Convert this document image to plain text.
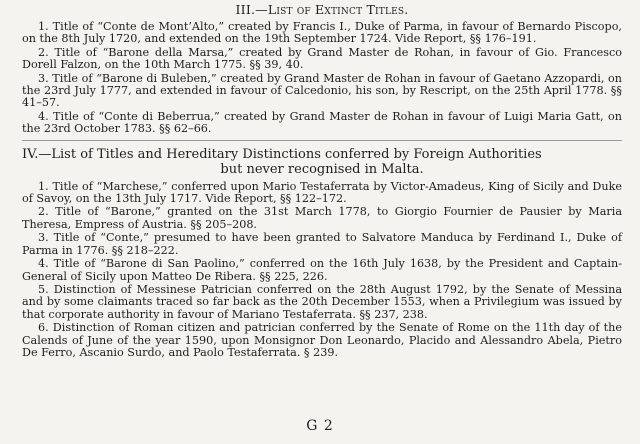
III.—List of Extinct Titles.

1. Title of “Conte de Mont’Alto,” created by Francis I., Duke of Parma, in favour of Bernardo Piscopo, on the 8th July 1720, and extended on the 19th September 1724. Vide Report, §§ 176–191.

2. Title of “Barone della Marsa,” created by Grand Master de Rohan, in favour of Gio. Francesco Dorell Falzon, on the 10th March 1775. §§ 39, 40.

3. Title of “Barone di Buleben,” created by Grand Master de Rohan in favour of Gaetano Azzopardi, on the 23rd July 1777, and extended in favour of Calcedonio, his son, by Rescript, on the 25th April 1778. §§ 41–57.

4. Title of “Conte di Beberrua,” created by Grand Master de Rohan in favour of Luigi Maria Gatt, on the 23rd October 1783. §§ 62–66.

IV.—List of Titles and Hereditary Distinctions conferred by Foreign Authorities
but never recognised in Malta.

1. Title of “Marchese,” conferred upon Mario Testaferrata by Victor-Amadeus, King of Sicily and Duke of Savoy, on the 13th July 1717. Vide Report, §§ 122–172.

2. Title of “Barone,” granted on the 31st March 1778, to Giorgio Fournier de Pausier by Maria Theresa, Empress of Austria. §§ 205–208.

3. Title of “Conte,” presumed to have been granted to Salvatore Manduca by Ferdinand I., Duke of Parma in 1776. §§ 218–222.

4. Title of “Barone di San Paolino,” conferred on the 16th July 1638, by the President and Captain-General of Sicily upon Matteo De Ribera. §§ 225, 226.

5. Distinction of Messinese Patrician conferred on the 28th August 1792, by the Senate of Messina and by some claimants traced so far back as the 20th December 1553, when a Privilegium was issued by that corporate authority in favour of Mariano Testaferrata. §§ 237, 238.

6. Distinction of Roman citizen and patrician conferred by the Senate of Rome on the 11th day of the Calends of June of the year 1590, upon Monsignor Don Leonardo, Placido and Alessandro Abela, Pietro De Ferro, Ascanio Surdo, and Paolo Testaferrata. § 239.

G 2
